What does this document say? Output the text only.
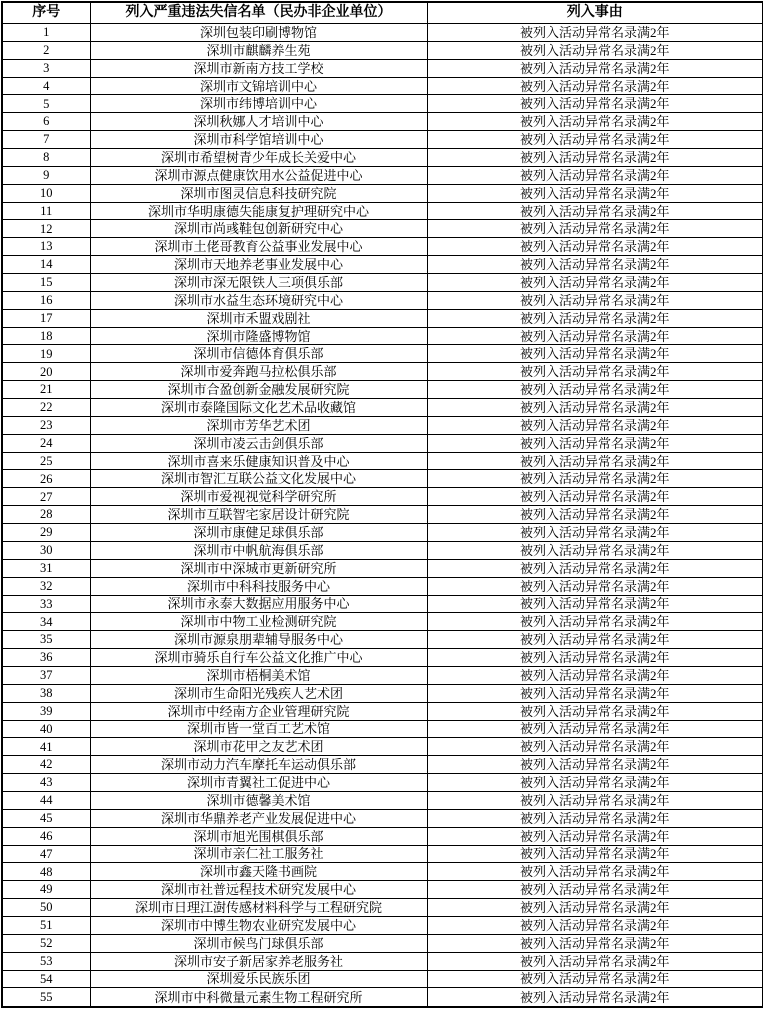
序号	列入严重违法失信名单（民办非企业单位）	列入事由
1	深圳包装印刷博物馆	被列入活动异常名录满2年
2	深圳市麒麟养生苑	被列入活动异常名录满2年
3	深圳市新南方技工学校	被列入活动异常名录满2年
4	深圳市文锦培训中心	被列入活动异常名录满2年
5	深圳市纬博培训中心	被列入活动异常名录满2年
6	深圳秋娜人才培训中心	被列入活动异常名录满2年
7	深圳市科学馆培训中心	被列入活动异常名录满2年
8	深圳市希望树青少年成长关爱中心	被列入活动异常名录满2年
9	深圳市源点健康饮用水公益促进中心	被列入活动异常名录满2年
10	深圳市图灵信息科技研究院	被列入活动异常名录满2年
11	深圳市华明康德失能康复护理研究中心	被列入活动异常名录满2年
12	深圳市尚彧鞋包创新研究中心	被列入活动异常名录满2年
13	深圳市土佬哥教育公益事业发展中心	被列入活动异常名录满2年
14	深圳市天地养老事业发展中心	被列入活动异常名录满2年
15	深圳市深无限铁人三项俱乐部	被列入活动异常名录满2年
16	深圳市水益生态环境研究中心	被列入活动异常名录满2年
17	深圳市禾盟戏剧社	被列入活动异常名录满2年
18	深圳市隆盛博物馆	被列入活动异常名录满2年
19	深圳市信德体育俱乐部	被列入活动异常名录满2年
20	深圳市爱奔跑马拉松俱乐部	被列入活动异常名录满2年
21	深圳市合盈创新金融发展研究院	被列入活动异常名录满2年
22	深圳市泰隆国际文化艺术品收藏馆	被列入活动异常名录满2年
23	深圳市芳华艺术团	被列入活动异常名录满2年
24	深圳市凌云击剑俱乐部	被列入活动异常名录满2年
25	深圳市喜来乐健康知识普及中心	被列入活动异常名录满2年
26	深圳市智汇互联公益文化发展中心	被列入活动异常名录满2年
27	深圳市爱视视觉科学研究所	被列入活动异常名录满2年
28	深圳市互联智宅家居设计研究院	被列入活动异常名录满2年
29	深圳市康健足球俱乐部	被列入活动异常名录满2年
30	深圳市中帆航海俱乐部	被列入活动异常名录满2年
31	深圳市中深城市更新研究所	被列入活动异常名录满2年
32	深圳市中科科技服务中心	被列入活动异常名录满2年
33	深圳市永泰大数据应用服务中心	被列入活动异常名录满2年
34	深圳市中物工业检测研究院	被列入活动异常名录满2年
35	深圳市源泉朋辈辅导服务中心	被列入活动异常名录满2年
36	深圳市骑乐自行车公益文化推广中心	被列入活动异常名录满2年
37	深圳市梧桐美术馆	被列入活动异常名录满2年
38	深圳市生命阳光残疾人艺术团	被列入活动异常名录满2年
39	深圳市中经南方企业管理研究院	被列入活动异常名录满2年
40	深圳市皆一堂百工艺术馆	被列入活动异常名录满2年
41	深圳市花甲之友艺术团	被列入活动异常名录满2年
42	深圳市动力汽车摩托车运动俱乐部	被列入活动异常名录满2年
43	深圳市青翼社工促进中心	被列入活动异常名录满2年
44	深圳市德馨美术馆	被列入活动异常名录满2年
45	深圳市华鼎养老产业发展促进中心	被列入活动异常名录满2年
46	深圳市旭光围棋俱乐部	被列入活动异常名录满2年
47	深圳市亲仁社工服务社	被列入活动异常名录满2年
48	深圳市鑫天隆书画院	被列入活动异常名录满2年
49	深圳市社普远程技术研究发展中心	被列入活动异常名录满2年
50	深圳市日理江澍传感材料科学与工程研究院	被列入活动异常名录满2年
51	深圳市中博生物农业研究发展中心	被列入活动异常名录满2年
52	深圳市候鸟门球俱乐部	被列入活动异常名录满2年
53	深圳市安子新居家养老服务社	被列入活动异常名录满2年
54	深圳爱乐民族乐团	被列入活动异常名录满2年
55	深圳市中科微量元素生物工程研究所	被列入活动异常名录满2年
